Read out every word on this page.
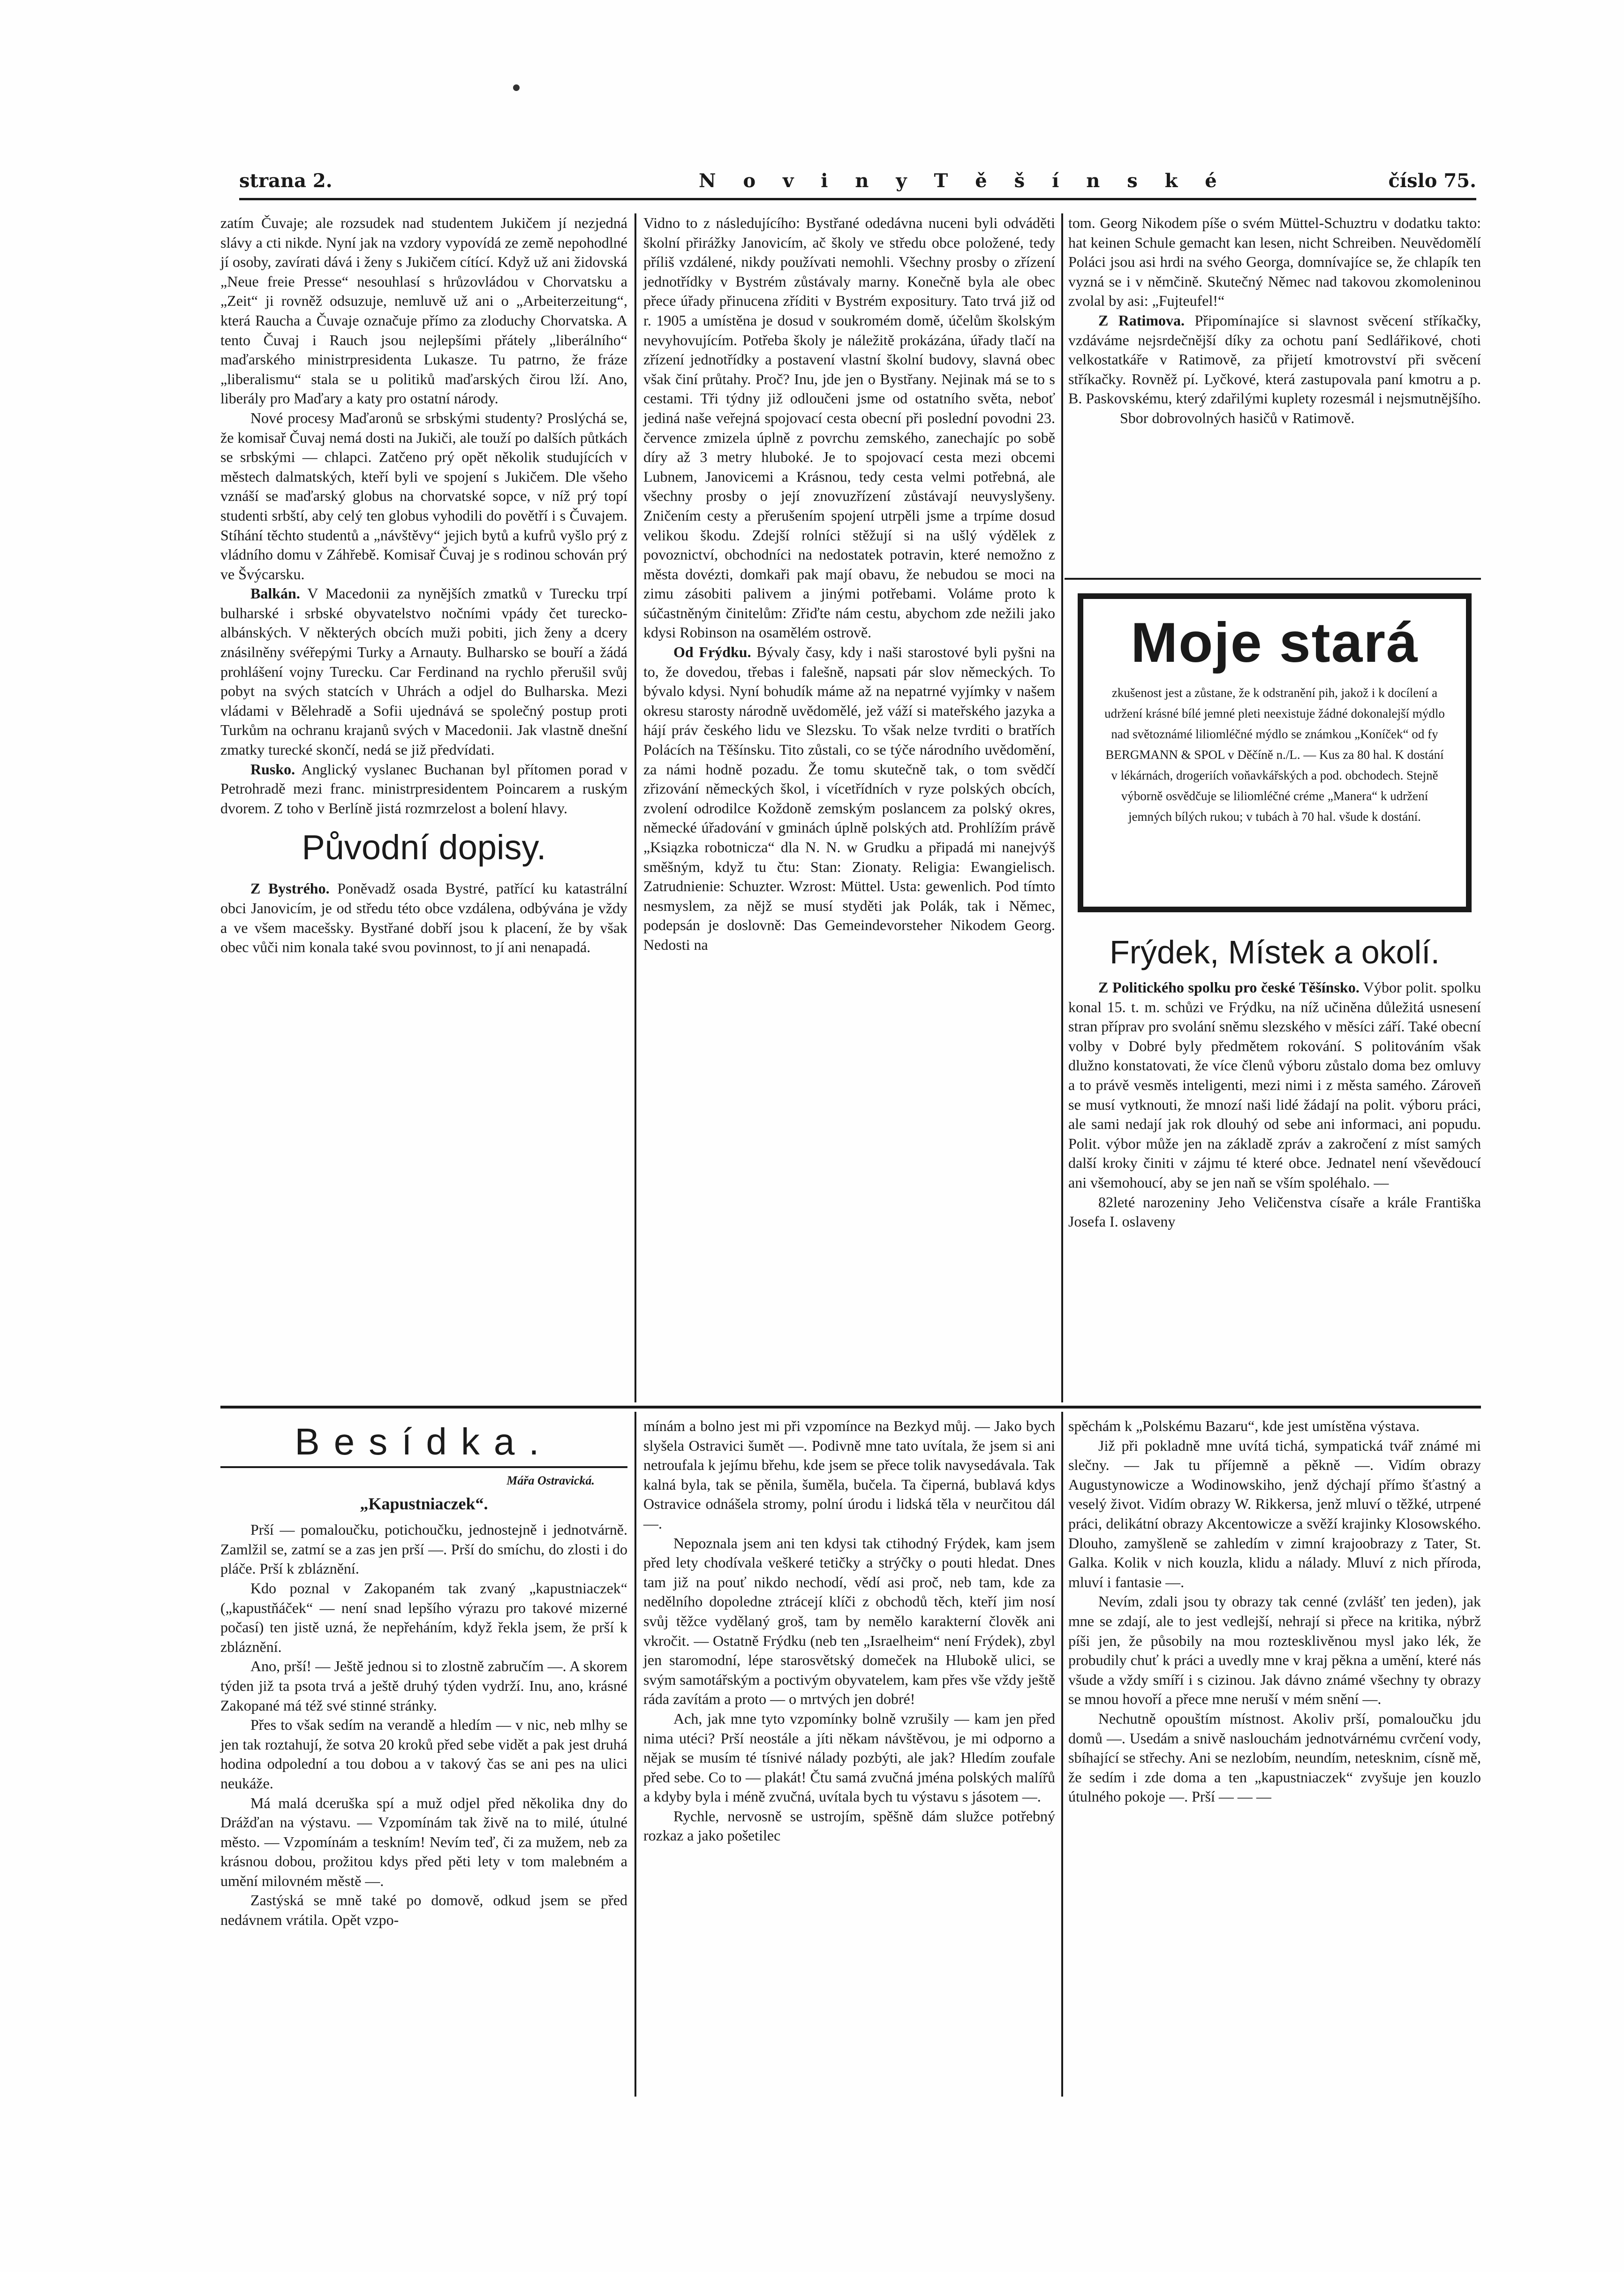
strana 2.	N o v i n y T ě š í n s k é	číslo 75.

zatím Čuvaje; ale rozsudek nad studentem Jukičem jí nezjedná slávy a cti nikde. Nyní jak na vzdory vypovídá ze země nepohodlné jí osoby, zavírati dává i ženy s Jukičem cítící. Když už ani židovská „Neue freie Presse“ nesouhlasí s hrůzovládou v Chorvatsku a „Zeit“ ji rovněž odsuzuje, nemluvě už ani o „Arbeiterzeitung“, která Raucha a Čuvaje označuje přímo za zloduchy Chorvatska. A tento Čuvaj i Rauch jsou nejlepšími přátely „liberálního“ maďarského ministrpresidenta Lukasze. Tu patrno, že fráze „liberalismu“ stala se u politiků maďarských čirou lží. Ano, liberály pro Maďary a katy pro ostatní národy.

Nové procesy Maďaronů se srbskými studenty? Proslýchá se, že komisař Čuvaj nemá dosti na Jukiči, ale touží po dalších půtkách se srbskými — chlapci. Zatčeno prý opět několik studujících v městech dalmatských, kteří byli ve spojení s Jukičem. Dle všeho vznáší se maďarský globus na chorvatské sopce, v níž prý topí studenti srbští, aby celý ten globus vyhodili do povětří i s Čuvajem. Stíhání těchto studentů a „návštěvy“ jejich bytů a kufrů vyšlo prý z vládního domu v Záhřebě. Komisař Čuvaj je s rodinou schován prý ve Švýcarsku.

Balkán. V Macedonii za nynějších zmatků v Turecku trpí bulharské i srbské obyvatelstvo nočními vpády čet turecko-albánských. V některých obcích muži pobiti, jich ženy a dcery znásilněny svéřepými Turky a Arnauty. Bulharsko se bouří a žádá prohlášení vojny Turecku. Car Ferdinand na rychlo přerušil svůj pobyt na svých statcích v Uhrách a odjel do Bulharska. Mezi vládami v Bělehradě a Sofii ujednává se společný postup proti Turkům na ochranu krajanů svých v Macedonii. Jak vlastně dnešní zmatky turecké skončí, nedá se již předvídati.

Rusko. Anglický vyslanec Buchanan byl přítomen porad v Petrohradě mezi franc. ministrpresidentem Poincarem a ruským dvorem. Z toho v Berlíně jistá rozmrzelost a bolení hlavy.

Původní dopisy.

Z Bystrého. Poněvadž osada Bystré, patřící ku katastrální obci Janovicím, je od středu této obce vzdálena, odbývána je vždy a ve všem macešsky. Bystřané dobří jsou k placení, že by však obec vůči nim konala také svou povinnost, to jí ani nenapadá.

Vidno to z následujícího: Bystřané odedávna nuceni byli odváděti školní přirážky Janovicím, ač školy ve středu obce položené, tedy příliš vzdálené, nikdy používati nemohli. Všechny prosby o zřízení jednotřídky v Bystrém zůstávaly marny. Konečně byla ale obec přece úřady přinucena zříditi v Bystrém expositury. Tato trvá již od r. 1905 a umístěna je dosud v soukromém domě, účelům školským nevyhovujícím. Potřeba školy je náležitě prokázána, úřady tlačí na zřízení jednotřídky a postavení vlastní školní budovy, slavná obec však činí průtahy. Proč? Inu, jde jen o Bystřany. Nejinak má se to s cestami. Tři týdny již odloučeni jsme od ostatního světa, neboť jediná naše veřejná spojovací cesta obecní při poslední povodni 23. července zmizela úplně z povrchu zemského, zanechajíc po sobě díry až 3 metry hluboké. Je to spojovací cesta mezi obcemi Lubnem, Janovicemi a Krásnou, tedy cesta velmi potřebná, ale všechny prosby o její znovuzřízení zůstávají neuvyslyšeny. Zničením cesty a přerušením spojení utrpěli jsme a trpíme dosud velikou škodu. Zdejší rolníci stěžují si na ušlý výdělek z povoznictví, obchodníci na nedostatek potravin, které nemožno z města dovézti, domkaři pak mají obavu, že nebudou se moci na zimu zásobiti palivem a jinými potřebami. Voláme proto k súčastněným činitelům: Zřiďte nám cestu, abychom zde nežili jako kdysi Robinson na osamělém ostrově.

Od Frýdku. Bývaly časy, kdy i naši starostové byli pyšni na to, že dovedou, třebas i falešně, napsati pár slov německých. To bývalo kdysi. Nyní bohudík máme až na nepatrné vyjímky v našem okresu starosty národně uvědomělé, jež váží si mateřského jazyka a hájí práv českého lidu ve Slezsku. To však nelze tvrditi o bratřích Polácích na Těšínsku. Tito zůstali, co se týče národního uvědomění, za námi hodně pozadu. Že tomu skutečně tak, o tom svědčí zřizování německých škol, i vícetřídních v ryze polských obcích, zvolení odrodilce Koždoně zemským poslancem za polský okres, německé úřadování v gminách úplně polských atd. Prohlížím právě „Ksiązka robotnicza“ dla N. N. w Grudku a připadá mi nanejvýš směšným, když tu čtu: Stan: Zionaty. Religia: Ewangielisch. Zatrudnienie: Schuzter. Wzrost: Müttel. Usta: gewenlich. Pod tímto nesmyslem, za nějž se musí styděti jak Polák, tak i Němec, podepsán je doslovně: Das Gemeindevorsteher Nikodem Georg. Nedosti na

tom. Georg Nikodem píše o svém Müttel-Schuztru v dodatku takto: hat keinen Schule gemacht kan lesen, nicht Schreiben. Neuvědomělí Poláci jsou asi hrdi na svého Georga, domnívajíce se, že chlapík ten vyzná se i v němčině. Skutečný Němec nad takovou zkomoleninou zvolal by asi: „Fujteufel!“

Z Ratimova. Připomínajíce si slavnost svěcení stříkačky, vzdáváme nejsrdečnější díky za ochotu paní Sedlářikové, choti velkostatkáře v Ratimově, za přijetí kmotrovství při svěcení stříkačky. Rovněž pí. Lyčkové, která zastupovala paní kmotru a p. B. Paskovskému, který zdařilými kuplety rozesmál i nejsmutnějšího.

Sbor dobrovolných hasičů v Ratimově.

Moje stará
zkušenost jest a zůstane, že k odstranění pih, jakož i k docílení a udržení krásné bílé jemné pleti neexistuje žádné dokonalejší mýdlo nad světoznámé liliomléčné mýdlo se známkou „Koníček“ od fy BERGMANN & SPOL v Děčíně n./L. — Kus za 80 hal. K dostání v lékárnách, drogeriích voňavkářských a pod. obchodech. Stejně výborně osvědčuje se liliomléčné créme „Manera“ k udržení jemných bílých rukou; v tubách à 70 hal. všude k dostání.
Frýdek, Místek a okolí.

Z Politického spolku pro české Těšínsko. Výbor polit. spolku konal 15. t. m. schůzi ve Frýdku, na níž učiněna důležitá usnesení stran příprav pro svolání sněmu slezského v měsíci září. Také obecní volby v Dobré byly předmětem rokování. S politováním však dlužno konstatovati, že více členů výboru zůstalo doma bez omluvy a to právě vesměs inteligenti, mezi nimi i z města samého. Zároveň se musí vytknouti, že mnozí naši lidé žádají na polit. výboru práci, ale sami nedají jak rok dlouhý od sebe ani informaci, ani popudu. Polit. výbor může jen na základě zpráv a zakročení z míst samých další kroky činiti v zájmu té které obce. Jednatel není vševědoucí ani všemohoucí, aby se jen naň se vším spoléhalo. —

82leté narozeniny Jeho Veličenstva císaře a krále Františka Josefa I. oslaveny

Besídka.
Mářa Ostravická.
„Kapustniaczek“.

Prší — pomaloučku, potichoučku, jednostejně i jednotvárně. Zamlžil se, zatmí se a zas jen prší —. Prší do smíchu, do zlosti i do pláče. Prší k zbláznění.

Kdo poznal v Zakopaném tak zvaný „kapustniaczek“ („kapustňáček“ — není snad lepšího výrazu pro takové mizerné počasí) ten jistě uzná, že nepřeháním, když řekla jsem, že prší k zbláznění.

Ano, prší! — Ještě jednou si to zlostně zabručím —. A skorem týden již ta psota trvá a ještě druhý týden vydrží. Inu, ano, krásné Zakopané má též své stinné stránky.

Přes to však sedím na verandě a hledím — v nic, neb mlhy se jen tak roztahují, že sotva 20 kroků před sebe vidět a pak jest druhá hodina odpolední a tou dobou a v takový čas se ani pes na ulici neukáže.

Má malá dceruška spí a muž odjel před několika dny do Drážďan na výstavu. — Vzpomínám tak živě na to milé, útulné město. — Vzpomínám a teskním! Nevím teď, či za mužem, neb za krásnou dobou, prožitou kdys před pěti lety v tom malebném a umění milovném městě —.

Zastýská se mně také po domově, odkud jsem se před nedávnem vrátila. Opět vzpo-

mínám a bolno jest mi při vzpomínce na Bezkyd můj. — Jako bych slyšela Ostravici šumět —. Podivně mne tato uvítala, že jsem si ani netroufala k jejímu břehu, kde jsem se přece tolik navysedávala. Tak kalná byla, tak se pěnila, šuměla, bučela. Ta čiperná, bublavá kdys Ostravice odnášela stromy, polní úrodu i lidská těla v neurčitou dál —.

Nepoznala jsem ani ten kdysi tak ctihodný Frýdek, kam jsem před lety chodívala veškeré tetičky a strýčky o pouti hledat. Dnes tam již na pouť nikdo nechodí, vědí asi proč, neb tam, kde za nedělního dopoledne ztrácejí klíči z obchodů těch, kteří jim nosí svůj těžce vydělaný groš, tam by nemělo karakterní člověk ani vkročit. — Ostatně Frýdku (neb ten „Israelheim“ není Frýdek), zbyl jen staromodní, lépe starosvětský domeček na Hlubokě ulici, se svým samotářským a poctivým obyvatelem, kam přes vše vždy ještě ráda zavítám a proto — o mrtvých jen dobré!

Ach, jak mne tyto vzpomínky bolně vzrušily — kam jen před nima utéci? Prší neostále a jíti někam návštěvou, je mi odporno a nějak se musím té tísnivé nálady pozbýti, ale jak? Hledím zoufale před sebe. Co to — plakát! Čtu samá zvučná jména polských malířů a kdyby byla i méně zvučná, uvítala bych tu výstavu s jásotem —.

Rychle, nervosně se ustrojím, spěšně dám služce potřebný rozkaz a jako pošetilec

spěchám k „Polskému Bazaru“, kde jest umístěna výstava.

Již při pokladně mne uvítá tichá, sympatická tvář známé mi slečny. — Jak tu příjemně a pěkně —. Vidím obrazy Augustynowicze a Wodinowskiho, jenž dýchají přímo šťastný a veselý život. Vidím obrazy W. Rikkersa, jenž mluví o těžké, utrpené práci, delikátní obrazy Akcentowicze a svěží krajinky Klosowského. Dlouho, zamyšleně se zahledím v zimní krajoobrazy z Tater, St. Galka. Kolik v nich kouzla, klidu a nálady. Mluví z nich příroda, mluví i fantasie —.

Nevím, zdali jsou ty obrazy tak cenné (zvlášť ten jeden), jak mne se zdají, ale to jest vedlejší, nehrají si přece na kritika, nýbrž píši jen, že působily na mou roztesklivěnou mysl jako lék, že probudily chuť k práci a uvedly mne v kraj pěkna a umění, které nás všude a vždy smíří i s cizinou. Jak dávno známé všechny ty obrazy se mnou hovoří a přece mne neruší v mém snění —.

Nechutně opouštím místnost. Akoliv prší, pomaloučku jdu domů —. Usedám a snivě naslouchám jednotvárnému cvrčení vody, sbíhající se střechy. Ani se nezlobím, neundím, netesknim, císně mě, že sedím i zde doma a ten „kapustniaczek“ zvyšuje jen kouzlo útulného pokoje —. Prší — — —
